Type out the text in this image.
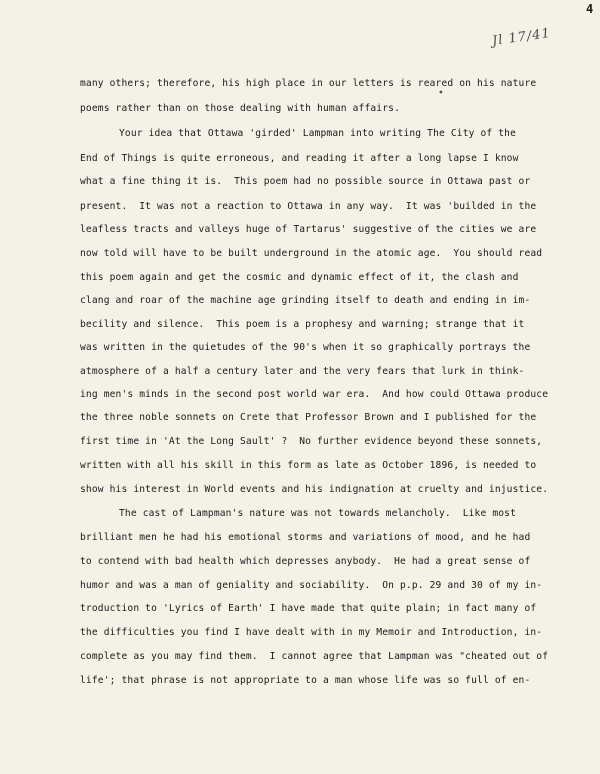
4
Jl 17/41
•
many others; therefore, his high place in our letters is reared on his nature
poems rather than on those dealing with human affairs.
Your idea that Ottawa 'girded' Lampman into writing The City of the
End of Things is quite erroneous, and reading it after a long lapse I know
what a fine thing it is.  This poem had no possible source in Ottawa past or
present.  It was not a reaction to Ottawa in any way.  It was 'builded in the
leafless tracts and valleys huge of Tartarus' suggestive of the cities we are
now told will have to be built underground in the atomic age.  You should read
this poem again and get the cosmic and dynamic effect of it, the clash and
clang and roar of the machine age grinding itself to death and ending in im-
becility and silence.  This poem is a prophesy and warning; strange that it
was written in the quietudes of the 90's when it so graphically portrays the
atmosphere of a half a century later and the very fears that lurk in think-
ing men's minds in the second post world war era.  And how could Ottawa produce
the three noble sonnets on Crete that Professor Brown and I published for the
first time in 'At the Long Sault' ?  No further evidence beyond these sonnets,
written with all his skill in this form as late as October 1896, is needed to
show his interest in World events and his indignation at cruelty and injustice.
The cast of Lampman's nature was not towards melancholy.  Like most
brilliant men he had his emotional storms and variations of mood, and he had
to contend with bad health which depresses anybody.  He had a great sense of
humor and was a man of geniality and sociability.  On p.p. 29 and 30 of my in-
troduction to 'Lyrics of Earth' I have made that quite plain; in fact many of
the difficulties you find I have dealt with in my Memoir and Introduction, in-
complete as you may find them.  I cannot agree that Lampman was "cheated out of
life'; that phrase is not appropriate to a man whose life was so full of en-
